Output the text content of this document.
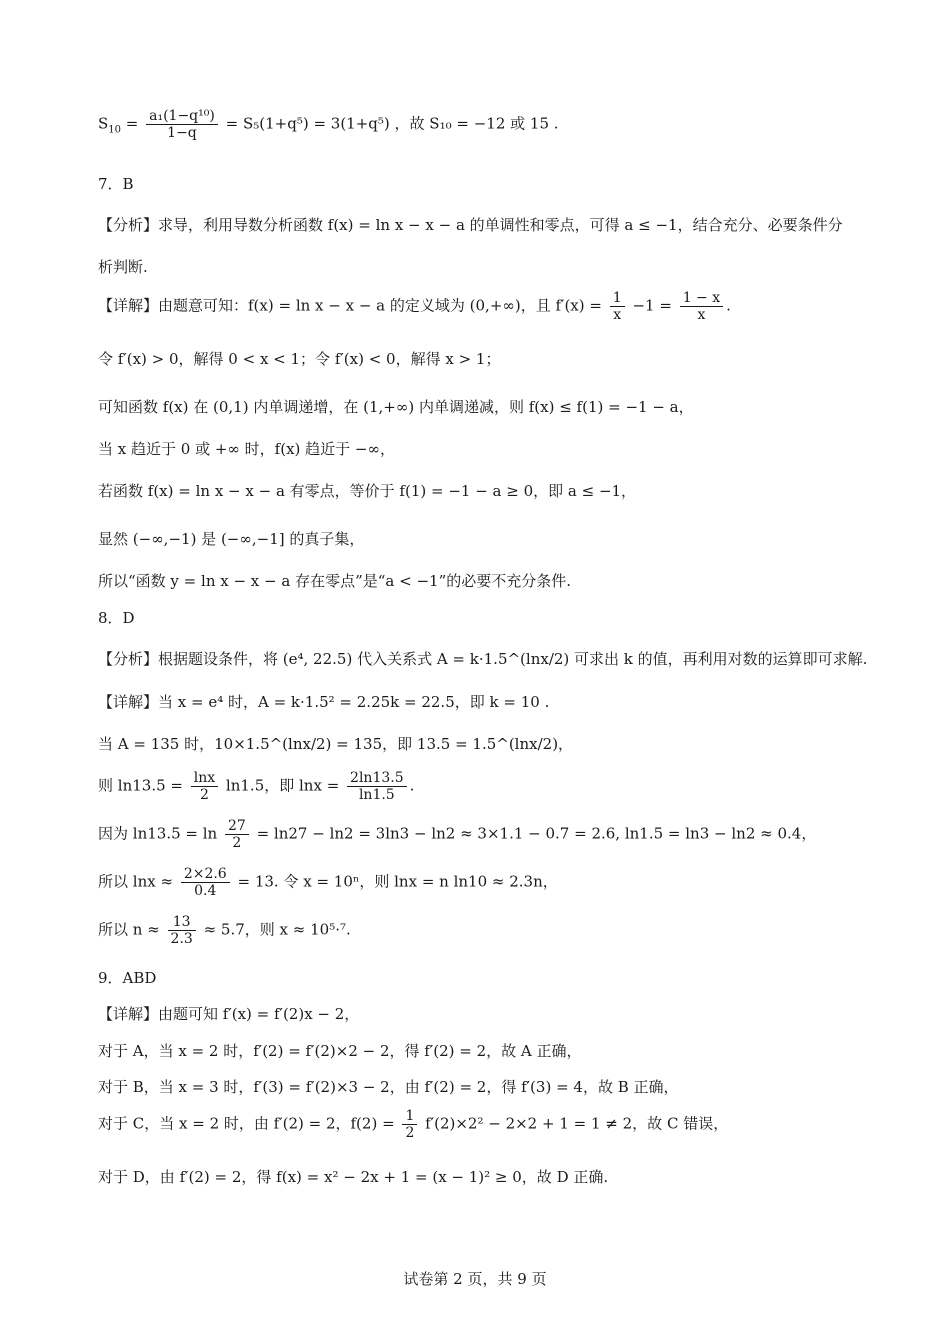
$S_{10} = \frac{\text{a₁(1−q¹⁰)}}{1-q} = S_5(1+q^5) = 3(1+q^5)$ ，故 S₁₀ = −12 或 15 .
7．B
【分析】求导，利用导数分析函数 f(x) = ln x − x − a 的单调性和零点，可得 a ≤ −1，结合充分、必要条件分
析判断.
【详解】由题意可知：f(x) = ln x − x − a 的定义域为 (0,+∞)，且 $f'(x) = \frac{1}{x} -1 = \frac{1 - x}{x}$ .
令 f′(x) > 0，解得 0 < x < 1；令 f′(x) < 0，解得 x > 1；
可知函数 f(x) 在 (0,1) 内单调递增，在 (1,+∞) 内单调递减，则 f(x) ≤ f(1) = −1 − a，
当 x 趋近于 0 或 +∞ 时，f(x) 趋近于 −∞，
若函数 f(x) = ln x − x − a 有零点，等价于 f(1) = −1 − a ≥ 0，即 a ≤ −1，
显然 (−∞,−1) 是 (−∞,−1] 的真子集，
所以“函数 y = ln x − x − a 存在零点”是“a < −1”的必要不充分条件.
8．D
【分析】根据题设条件，将 (e⁴, 22.5) 代入关系式 A = k·1.5^(lnx/2) 可求出 k 的值，再利用对数的运算即可求解.
【详解】当 x = e⁴ 时，A = k·1.5² = 2.25k = 22.5，即 k = 10 .
当 A = 135 时，10×1.5^(lnx/2) = 135，即 13.5 = 1.5^(lnx/2)，
则 $\ln 13.5 = \frac{\ln x}{2} \ln 1.5$，即 $\ln x = \frac{2\ln 13.5}{\ln 1.5}$ .
因为 $\ln 13.5 = \ln \frac{27}{2} = \ln 27 - \ln 2 = 3\ln 3 - \ln 2 \approx 3\times 1.1 - 0.7 = 2.6$, ln1.5 = ln3 − ln2 ≈ 0.4，
所以 $\ln x \approx \frac{2\times 2.6}{0.4} = 13$. 令 x = 10ⁿ，则 lnx = n ln10 ≈ 2.3n，
所以 $n \approx \frac{13}{2.3} \approx 5.7$，则 x ≈ 10⁵·⁷.
9．ABD
【详解】由题可知 f′(x) = f′(2)x − 2，
对于 A，当 x = 2 时，f′(2) = f′(2)×2 − 2，得 f′(2) = 2，故 A 正确，
对于 B，当 x = 3 时，f′(3) = f′(2)×3 − 2，由 f′(2) = 2，得 f′(3) = 4，故 B 正确，
对于 C，当 x = 2 时，由 f′(2) = 2，$f(2) = \frac{1}{2} f'(2)\times 2^2 - 2\times 2 + 1 = 1 \ne 2$，故 C 错误，
对于 D，由 f′(2) = 2，得 f(x) = x² − 2x + 1 = (x − 1)² ≥ 0，故 D 正确.
试卷第 2 页，共 9 页
